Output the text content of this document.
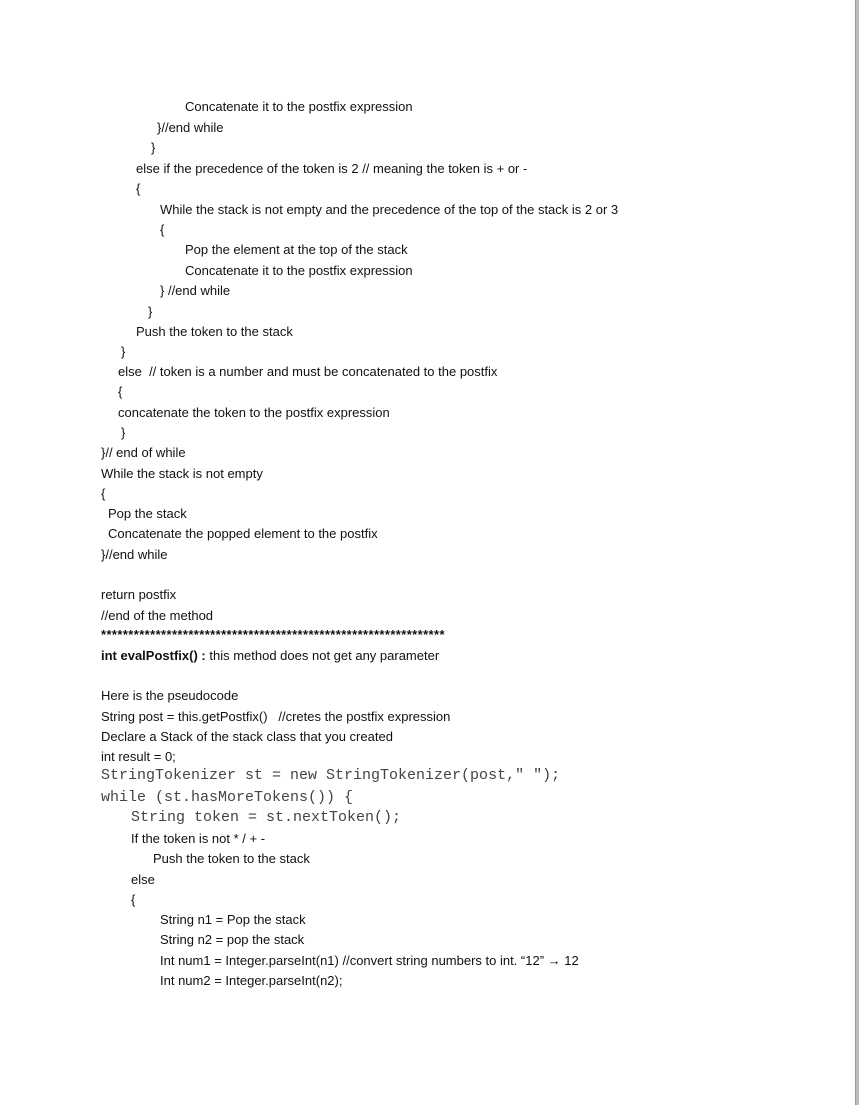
Concatenate it to the postfix expression
}//end while
}
else if the precedence of the token is 2 // meaning the token is + or -
{
While the stack is not empty and the precedence of the top of the stack is 2 or 3
{
Pop the element at the top of the stack
Concatenate it to the postfix expression
} //end while
}
Push the token to the stack
}
else  // token is a number and must be concatenated to the postfix
{
concatenate the token to the postfix expression
}
}// end of while
While the stack is not empty
{
Pop the stack
Concatenate the popped element to the postfix
}//end while
return postfix
//end of the method
***************************************************************
int evalPostfix() : this method does not get any parameter
Here is the pseudocode
String post = this.getPostfix()   //cretes the postfix expression
Declare a Stack of the stack class that you created
int result = 0;
StringTokenizer st = new StringTokenizer(post," ");
while (st.hasMoreTokens()) {
String token = st.nextToken();
If the token is not * / + -
Push the token to the stack
else
{
String n1 = Pop the stack
String n2 = pop the stack
Int num1 = Integer.parseInt(n1) //convert string numbers to int. “12” → 12
Int num2 = Integer.parseInt(n2);
